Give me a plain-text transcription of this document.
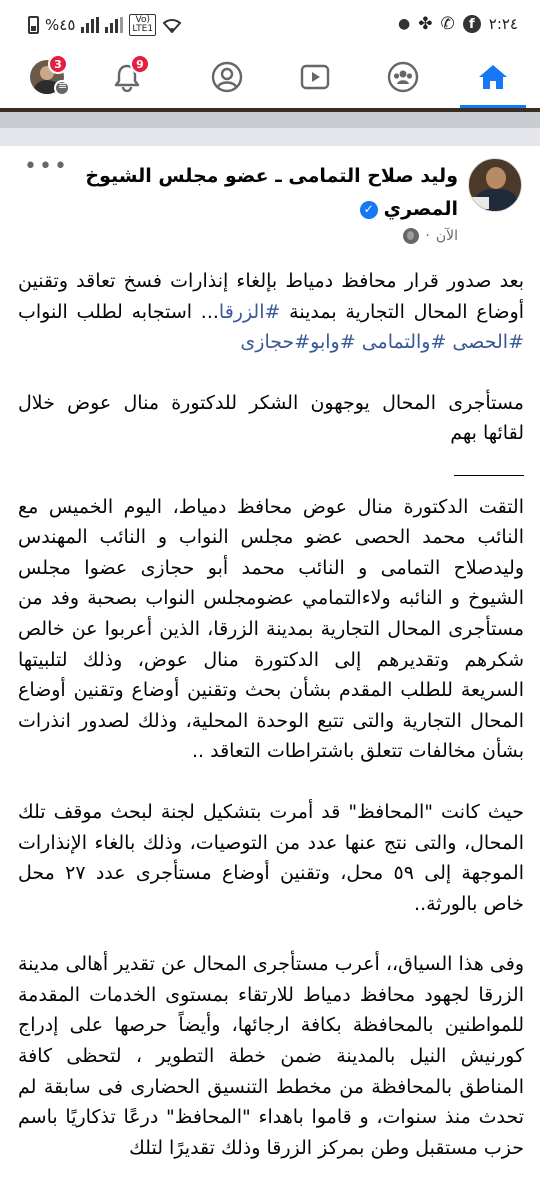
%٤٥	Vo)
LTE1	● ✤ ✆	f ٢:٢٤
≡
3	9
وليد صلاح التمامى ـ عضو مجلس الشيوخ المصري✓
الآن
·
•••

بعد صدور قرار محافظ دمياط بإلغاء إنذارات فسخ تعاقد وتقنين أوضاع المحال التجارية بمدينة #الزرقا... استجابه لطلب النواب #الحصى #والتمامى #وابو#حجازى

مستأجرى المحال يوجهون الشكر للدكتورة منال عوض خلال لقائها بهم

التقت الدكتورة منال عوض محافظ دمياط، اليوم الخميس مع النائب محمد الحصى عضو مجلس النواب و النائب المهندس وليدصلاح التمامى و النائب محمد أبو حجازى عضوا مجلس الشيوخ و النائبه ولاءالتمامي عضومجلس النواب بصحبة وفد من مستأجرى المحال التجارية بمدينة الزرقا، الذين أعربوا عن خالص شكرهم وتقديرهم إلى الدكتورة منال عوض، وذلك لتلبيتها السريعة للطلب المقدم بشأن بحث وتقنين أوضاع وتقنين أوضاع المحال التجارية والتى تتبع الوحدة المحلية، وذلك لصدور انذرات بشأن مخالفات تتعلق باشتراطات التعاقد ..

حيث كانت "المحافظ" قد أمرت بتشكيل لجنة لبحث موقف تلك المحال، والتى نتج عنها عدد من التوصيات، وذلك بالغاء الإنذارات الموجهة إلى ٥٩ محل، وتقنين أوضاع مستأجرى عدد ٢٧ محل خاص بالورثة..

وفى هذا السياق،، أعرب مستأجرى المحال عن تقدير أهالى مدينة الزرقا لجهود محافظ دمياط للارتقاء بمستوى الخدمات المقدمة للمواطنين بالمحافظة بكافة ارجائها، وأيضاً حرصها على إدراج كورنيش النيل بالمدينة ضمن خطة التطوير ، لتحظى كافة المناطق بالمحافظة من مخطط التنسيق الحضارى فى سابقة لم تحدث منذ سنوات، و قاموا باهداء "المحافظ" درعًا تذكاريًا باسم حزب مستقبل وطن بمركز الزرقا وذلك تقديرًا لتلك
